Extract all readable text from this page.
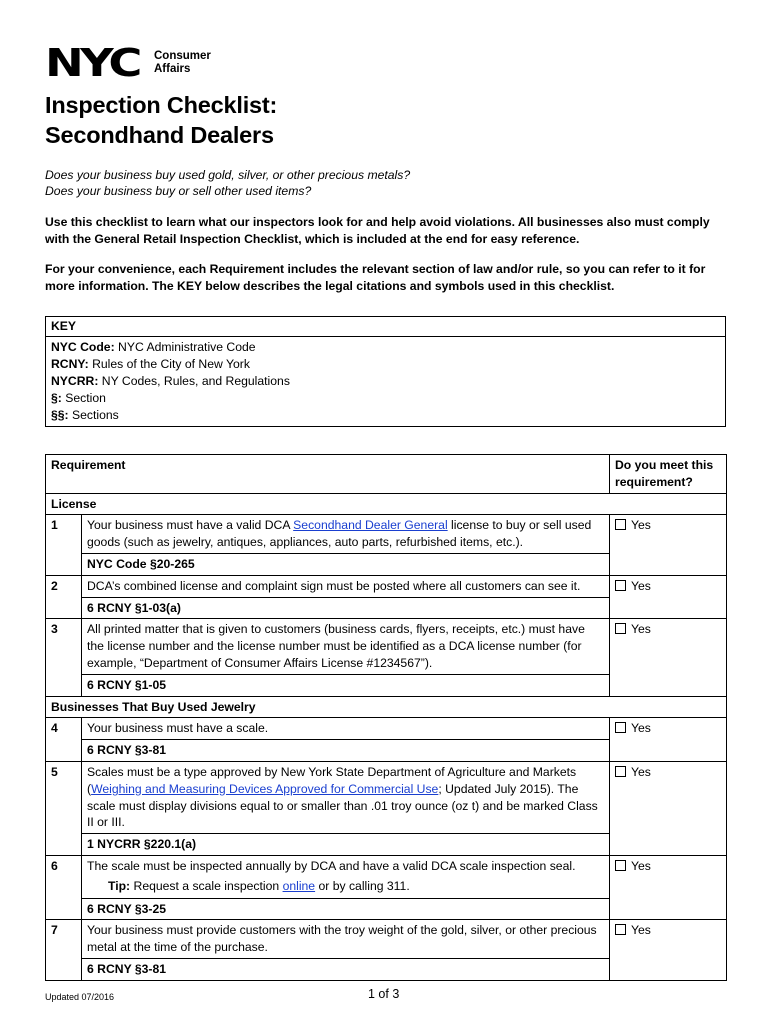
NYC	Consumer
Affairs
Inspection Checklist:
Secondhand Dealers
Does your business buy used gold, silver, or other precious metals?
Does your business buy or sell other used items?
Use this checklist to learn what our inspectors look for and help avoid violations. All businesses also must comply with the General Retail Inspection Checklist, which is included at the end for easy reference.
For your convenience, each Requirement includes the relevant section of law and/or rule, so you can refer to it for more information. The KEY below describes the legal citations and symbols used in this checklist.
KEY

NYC Code: NYC Administrative Code
RCNY: Rules of the City of New York
NYCRR: NY Codes, Rules, and Regulations
§: Section
§§: Sections
Requirement		Do you meet this requirement?
License		
1	Your business must have a valid DCA Secondhand Dealer General license to buy or sell used goods (such as jewelry, antiques, appliances, auto parts, refurbished items, etc.).	Yes
	NYC Code §20-265	
2	DCA’s combined license and complaint sign must be posted where all customers can see it.	Yes
	6 RCNY §1-03(a)	
3	All printed matter that is given to customers (business cards, flyers, receipts, etc.) must have the license number and the license number must be identified as a DCA license number (for example, “Department of Consumer Affairs License #1234567”).	Yes
	6 RCNY §1-05	
Businesses That Buy Used Jewelry		
4	Your business must have a scale.	Yes
	6 RCNY §3-81	
5	Scales must be a type approved by New York State Department of Agriculture and Markets (Weighing and Measuring Devices Approved for Commercial Use; Updated July 2015). The scale must display divisions equal to or smaller than .01 troy ounce (oz t) and be marked Class II or III.	Yes
	1 NYCRR §220.1(a)	
6	The scale must be inspected annually by DCA and have a valid DCA scale inspection seal.
Tip: Request a scale inspection online or by calling 311.	Yes
	6 RCNY §3-25	
7	Your business must provide customers with the troy weight of the gold, silver, or other precious metal at the time of the purchase.	Yes
	6 RCNY §3-81	
Updated 07/2016	1 of 3
